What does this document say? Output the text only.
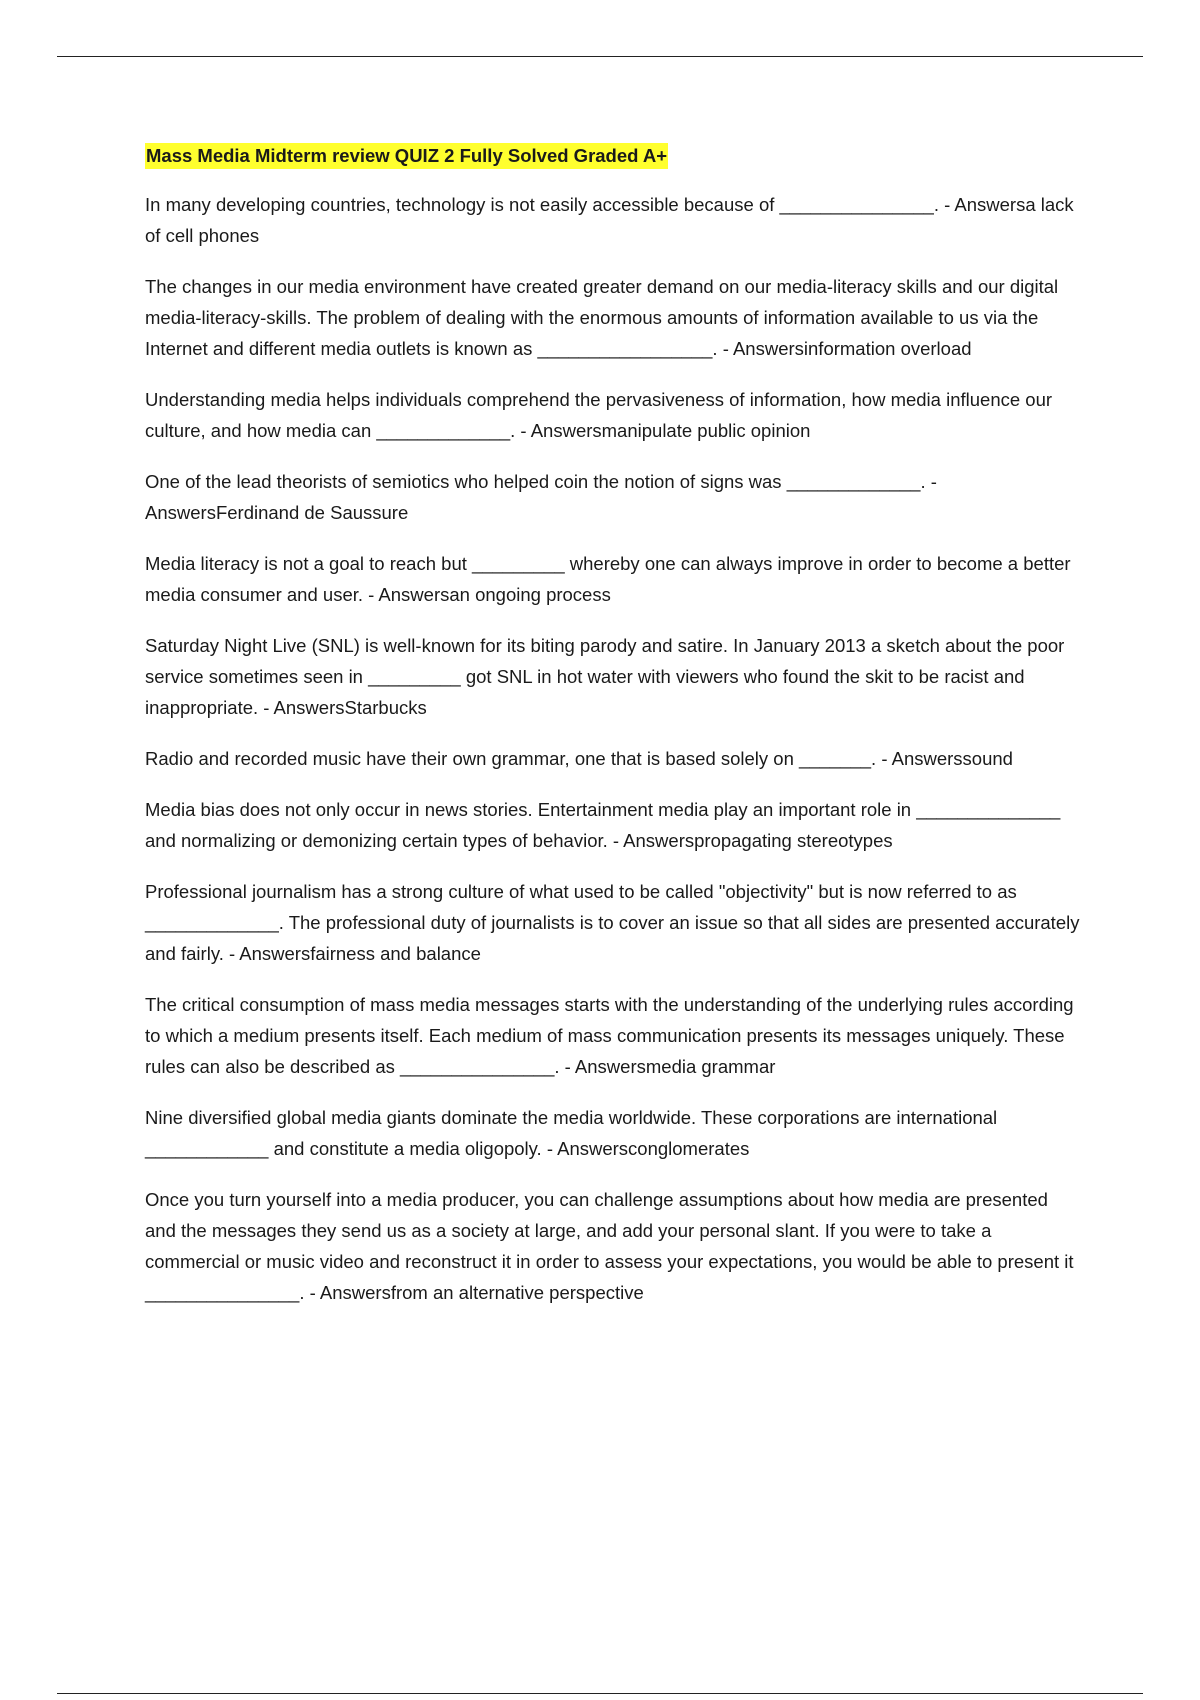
Mass Media Midterm review QUIZ 2 Fully Solved Graded A+

In many developing countries, technology is not easily accessible because of _______________. - Answersa lack of cell phones

The changes in our media environment have created greater demand on our media-literacy skills and our digital media-literacy-skills. The problem of dealing with the enormous amounts of information available to us via the Internet and different media outlets is known as _________________. - Answersinformation overload

Understanding media helps individuals comprehend the pervasiveness of information, how media influence our culture, and how media can _____________. - Answersmanipulate public opinion

One of the lead theorists of semiotics who helped coin the notion of signs was _____________. - AnswersFerdinand de Saussure

Media literacy is not a goal to reach but _________ whereby one can always improve in order to become a better media consumer and user. - Answersan ongoing process

Saturday Night Live (SNL) is well-known for its biting parody and satire. In January 2013 a sketch about the poor service sometimes seen in _________ got SNL in hot water with viewers who found the skit to be racist and inappropriate. - AnswersStarbucks

Radio and recorded music have their own grammar, one that is based solely on _______. - Answerssound

Media bias does not only occur in news stories. Entertainment media play an important role in ______________ and normalizing or demonizing certain types of behavior. - Answerspropagating stereotypes

Professional journalism has a strong culture of what used to be called "objectivity" but is now referred to as _____________. The professional duty of journalists is to cover an issue so that all sides are presented accurately and fairly. - Answersfairness and balance

The critical consumption of mass media messages starts with the understanding of the underlying rules according to which a medium presents itself. Each medium of mass communication presents its messages uniquely. These rules can also be described as _______________. - Answersmedia grammar

Nine diversified global media giants dominate the media worldwide. These corporations are international ____________ and constitute a media oligopoly. - Answersconglomerates

Once you turn yourself into a media producer, you can challenge assumptions about how media are presented and the messages they send us as a society at large, and add your personal slant. If you were to take a commercial or music video and reconstruct it in order to assess your expectations, you would be able to present it _______________. - Answersfrom an alternative perspective
